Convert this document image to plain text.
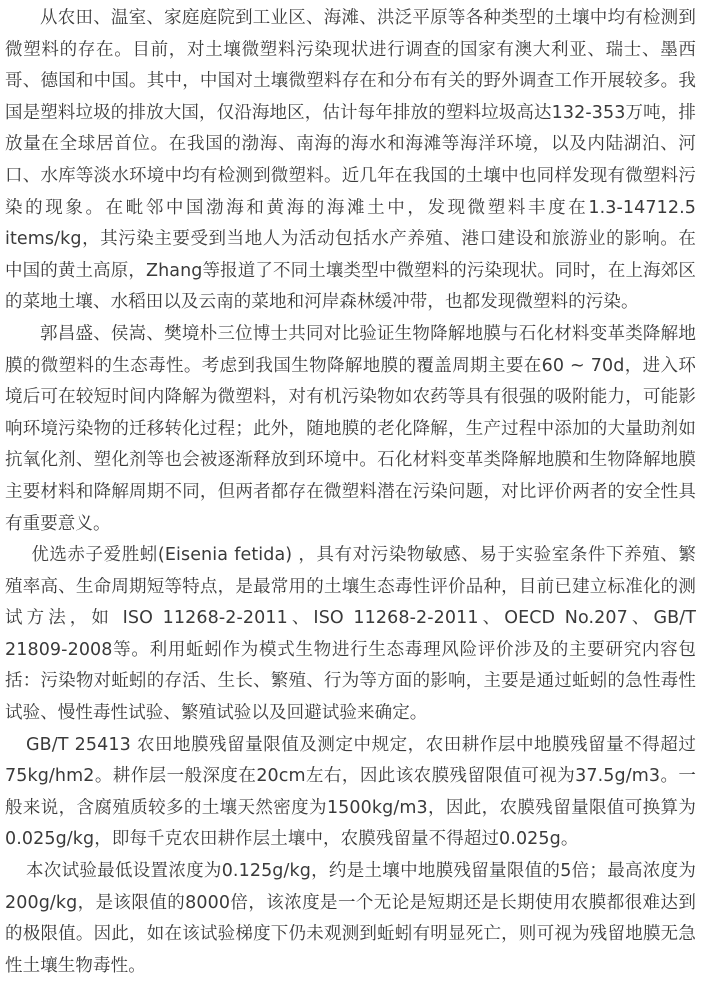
从农田、温室、家庭庭院到工业区、海滩、洪泛平原等各种类型的土壤中均有检测到微塑料的存在。目前，对土壤微塑料污染现状进行调查的国家有澳大利亚、瑞士、墨西哥、德国和中国。其中，中国对土壤微塑料存在和分布有关的野外调查工作开展较多。我国是塑料垃圾的排放大国，仅沿海地区，估计每年排放的塑料垃圾高达132-353万吨，排放量在全球居首位。在我国的渤海、南海的海水和海滩等海洋环境，以及内陆湖泊、河口、水库等淡水环境中均有检测到微塑料。近几年在我国的土壤中也同样发现有微塑料污染的现象。在毗邻中国渤海和黄海的海滩土中，发现微塑料丰度在1.3-14712.5 items/kg，其污染主要受到当地人为活动包括水产养殖、港口建设和旅游业的影响。在中国的黄土高原，Zhang等报道了不同土壤类型中微塑料的污染现状。同时，在上海郊区的菜地土壤、水稻田以及云南的菜地和河岸森林缓冲带，也都发现微塑料的污染。

郭昌盛、侯嵩、樊境朴三位博士共同对比验证生物降解地膜与石化材料变革类降解地膜的微塑料的生态毒性。考虑到我国生物降解地膜的覆盖周期主要在60 ~ 70d，进入环境后可在较短时间内降解为微塑料，对有机污染物如农药等具有很强的吸附能力，可能影响环境污染物的迁移转化过程；此外，随地膜的老化降解，生产过程中添加的大量助剂如抗氧化剂、塑化剂等也会被逐渐释放到环境中。石化材料变革类降解地膜和生物降解地膜主要材料和降解周期不同，但两者都存在微塑料潜在污染问题，对比评价两者的安全性具有重要意义。

优选赤子爱胜蚓(Eisenia fetida) ，具有对污染物敏感、易于实验室条件下养殖、繁殖率高、生命周期短等特点，是最常用的土壤生态毒性评价品种，目前已建立标准化的测试方法，如 ISO 11268-2-2011、ISO 11268-2-2011、OECD No.207、GB/T 21809-2008等。利用蚯蚓作为模式生物进行生态毒理风险评价涉及的主要研究内容包括：污染物对蚯蚓的存活、生长、繁殖、行为等方面的影响，主要是通过蚯蚓的急性毒性试验、慢性毒性试验、繁殖试验以及回避试验来确定。

GB/T 25413 农田地膜残留量限值及测定中规定，农田耕作层中地膜残留量不得超过75kg/hm2。耕作层一般深度在20cm左右，因此该农膜残留限值可视为37.5g/m3。一般来说，含腐殖质较多的土壤天然密度为1500kg/m3，因此，农膜残留量限值可换算为0.025g/kg，即每千克农田耕作层土壤中，农膜残留量不得超过0.025g。

本次试验最低设置浓度为0.125g/kg，约是土壤中地膜残留量限值的5倍；最高浓度为200g/kg，是该限值的8000倍，该浓度是一个无论是短期还是长期使用农膜都很难达到的极限值。因此，如在该试验梯度下仍未观测到蚯蚓有明显死亡，则可视为残留地膜无急性土壤生物毒性。
